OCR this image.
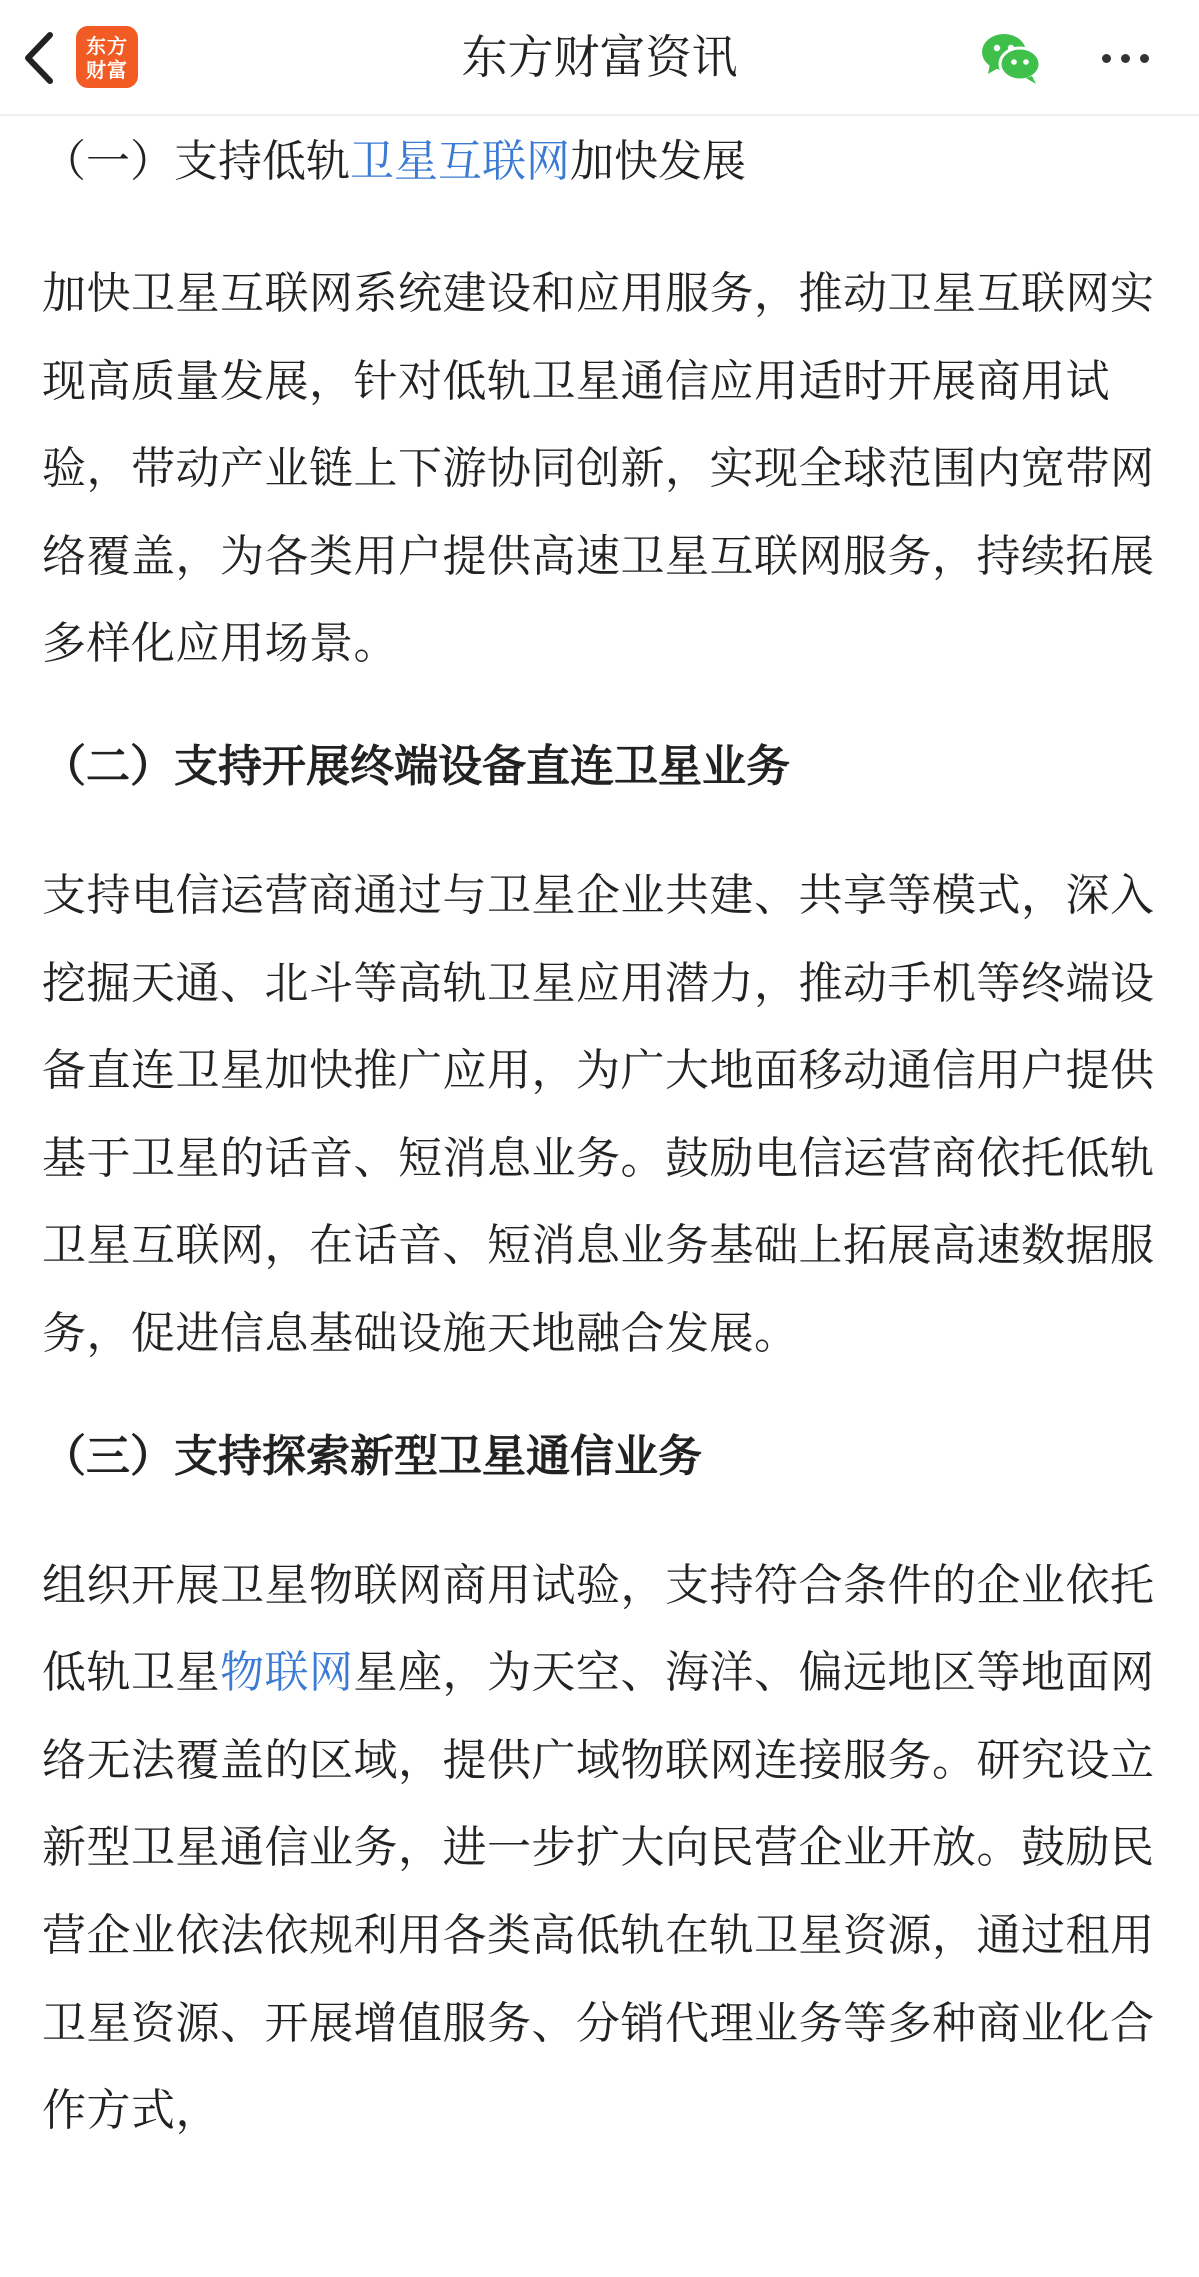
东方
财富	东方财富资讯
（一）支持低轨卫星互联网加快发展

加快卫星互联网系统建设和应用服务，推动卫星互联网实现高质量发展，针对低轨卫星通信应用适时开展商用试验，带动产业链上下游协同创新，实现全球范围内宽带网络覆盖，为各类用户提供高速卫星互联网服务，持续拓展多样化应用场景。

（二）支持开展终端设备直连卫星业务

支持电信运营商通过与卫星企业共建、共享等模式，深入挖掘天通、北斗等高轨卫星应用潜力，推动手机等终端设备直连卫星加快推广应用，为广大地面移动通信用户提供基于卫星的话音、短消息业务。鼓励电信运营商依托低轨卫星互联网，在话音、短消息业务基础上拓展高速数据服务，促进信息基础设施天地融合发展。

（三）支持探索新型卫星通信业务

组织开展卫星物联网商用试验，支持符合条件的企业依托低轨卫星物联网星座，为天空、海洋、偏远地区等地面网络无法覆盖的区域，提供广域物联网连接服务。研究设立新型卫星通信业务，进一步扩大向民营企业开放。鼓励民营企业依法依规利用各类高低轨在轨卫星资源，通过租用卫星资源、开展增值服务、分销代理业务等多种商业化合作方式，
